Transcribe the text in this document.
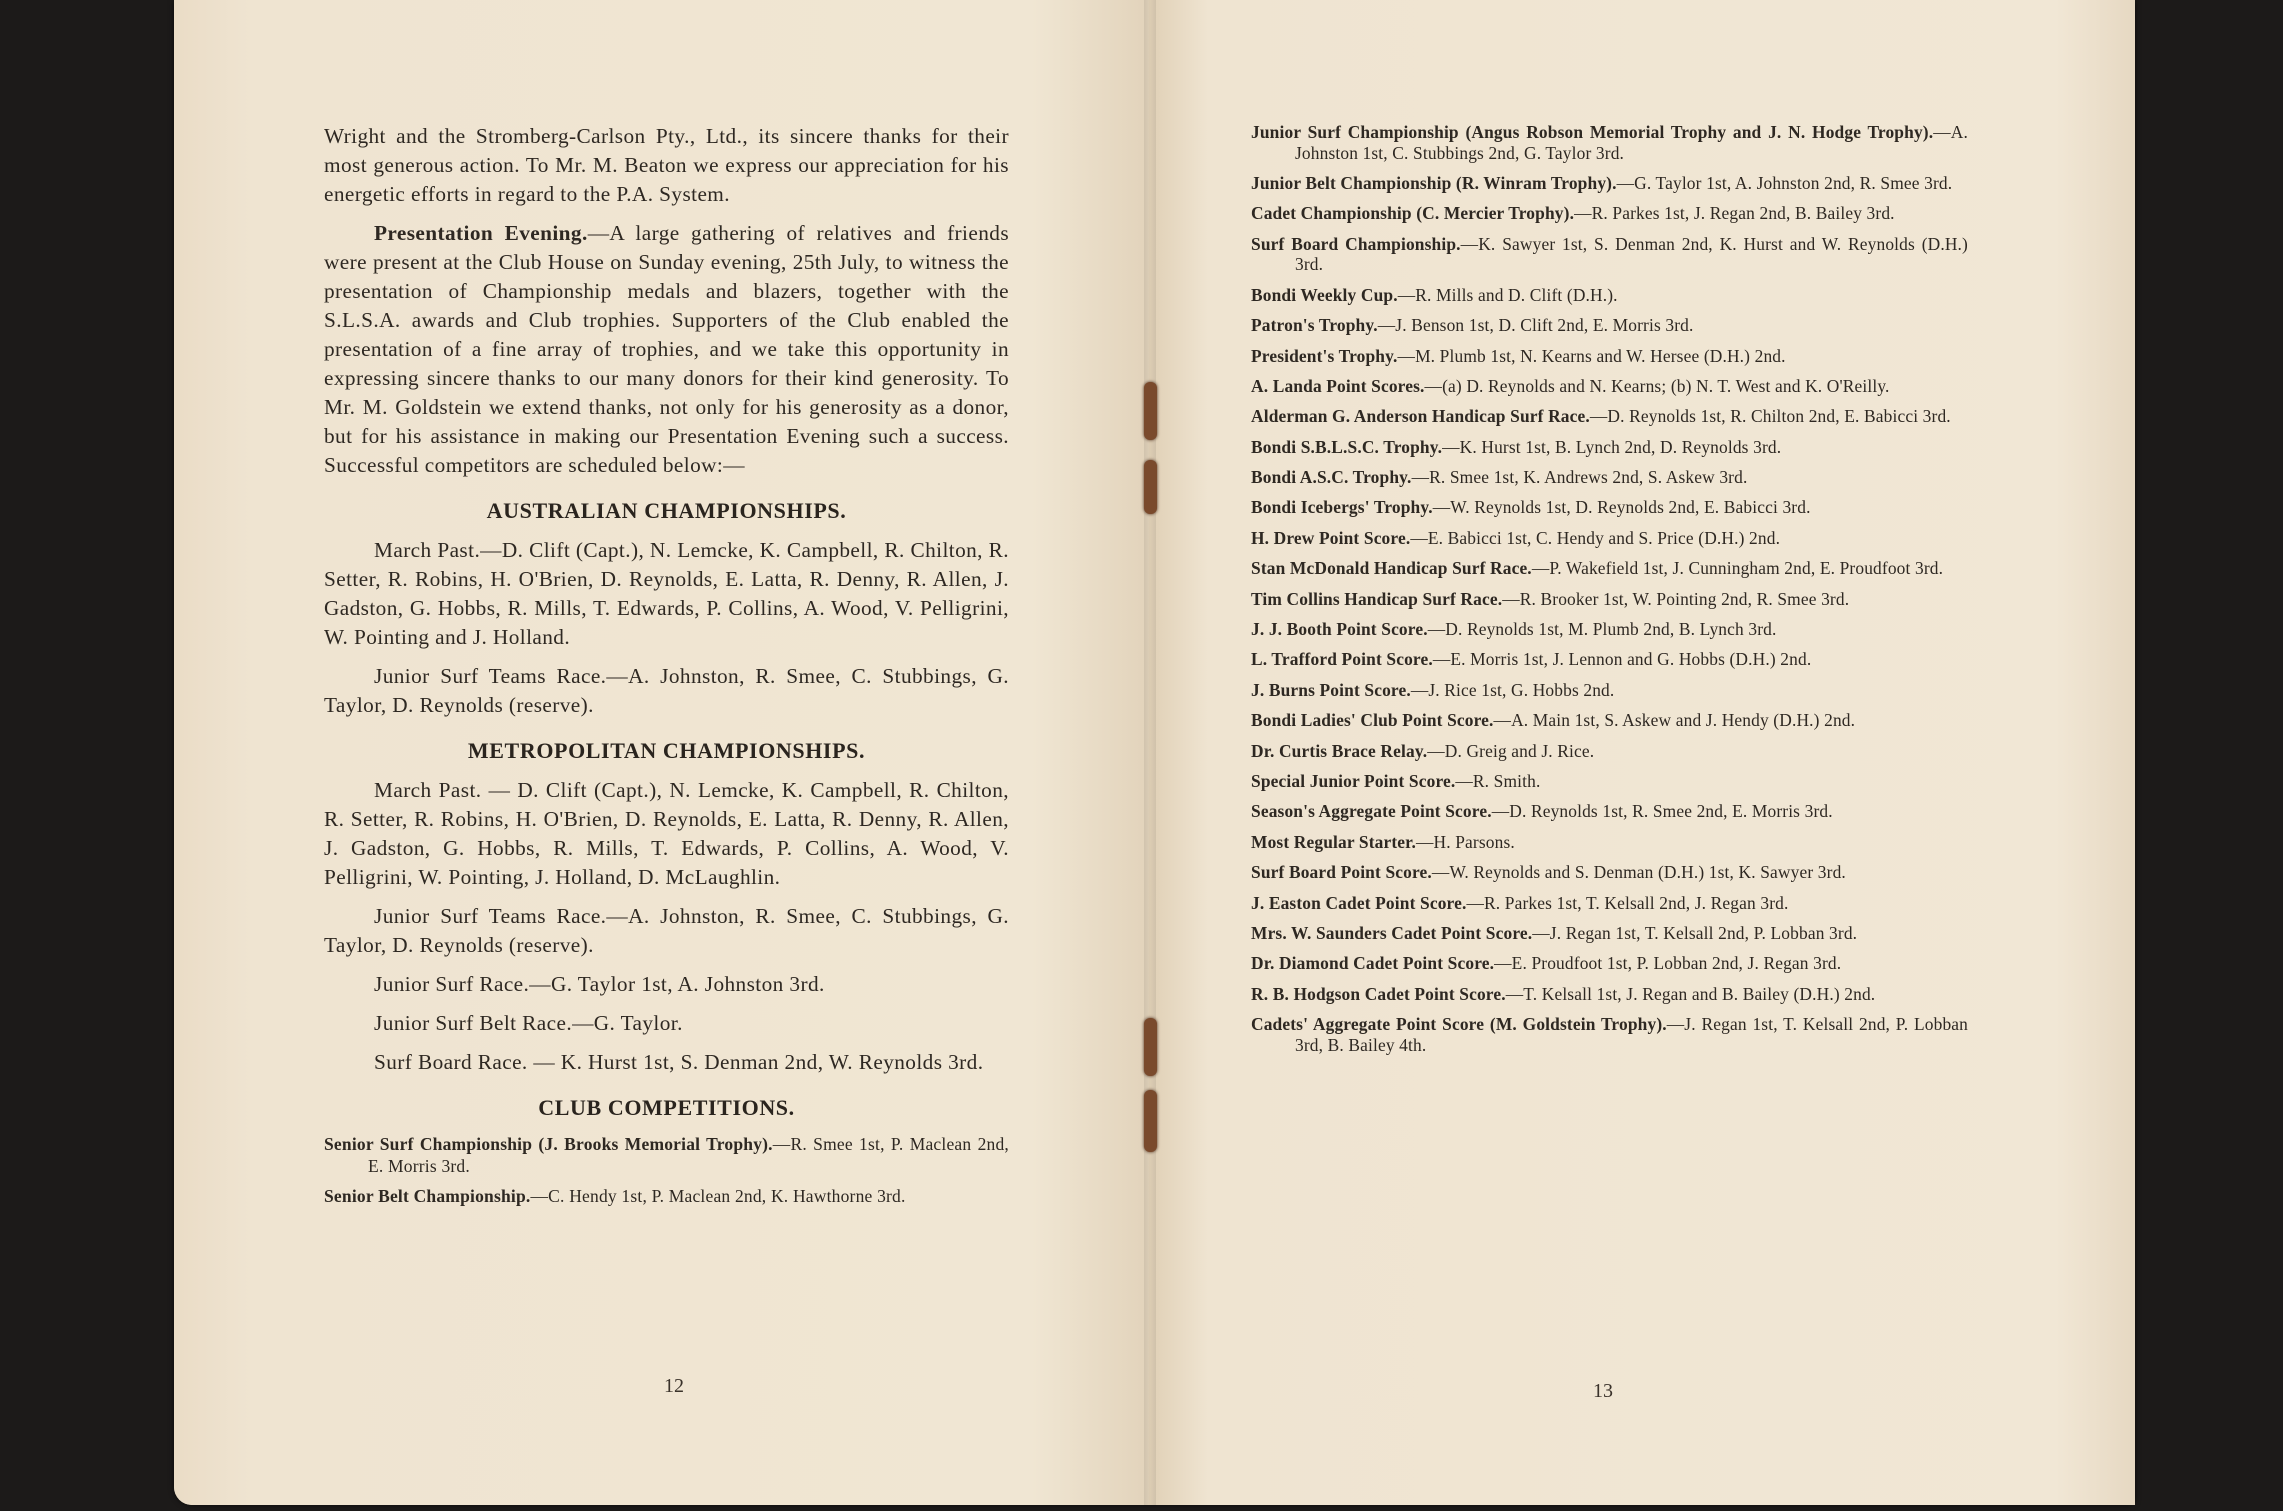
Wright and the Stromberg-Carlson Pty., Ltd., its sincere thanks for their most generous action. To Mr. M. Beaton we express our appreciation for his energetic efforts in regard to the P.A. System.

Presentation Evening.—A large gathering of relatives and friends were present at the Club House on Sunday evening, 25th July, to witness the presentation of Championship medals and blazers, together with the S.L.S.A. awards and Club trophies. Supporters of the Club enabled the presentation of a fine array of trophies, and we take this opportunity in expressing sincere thanks to our many donors for their kind generosity. To Mr. M. Goldstein we extend thanks, not only for his generosity as a donor, but for his assistance in making our Presentation Evening such a success. Successful competitors are scheduled below:—

AUSTRALIAN CHAMPIONSHIPS.

March Past.—D. Clift (Capt.), N. Lemcke, K. Campbell, R. Chilton, R. Setter, R. Robins, H. O'Brien, D. Reynolds, E. Latta, R. Denny, R. Allen, J. Gadston, G. Hobbs, R. Mills, T. Edwards, P. Collins, A. Wood, V. Pelligrini, W. Pointing and J. Holland.

Junior Surf Teams Race.—A. Johnston, R. Smee, C. Stubbings, G. Taylor, D. Reynolds (reserve).

METROPOLITAN CHAMPIONSHIPS.

March Past. — D. Clift (Capt.), N. Lemcke, K. Campbell, R. Chilton, R. Setter, R. Robins, H. O'Brien, D. Reynolds, E. Latta, R. Denny, R. Allen, J. Gadston, G. Hobbs, R. Mills, T. Edwards, P. Collins, A. Wood, V. Pelligrini, W. Pointing, J. Holland, D. McLaughlin.

Junior Surf Teams Race.—A. Johnston, R. Smee, C. Stubbings, G. Taylor, D. Reynolds (reserve).

Junior Surf Race.—G. Taylor 1st, A. Johnston 3rd.

Junior Surf Belt Race.—G. Taylor.

Surf Board Race. — K. Hurst 1st, S. Denman 2nd, W. Reynolds 3rd.

CLUB COMPETITIONS.

Senior Surf Championship (J. Brooks Memorial Trophy).—R. Smee 1st, P. Maclean 2nd, E. Morris 3rd.

Senior Belt Championship.—C. Hendy 1st, P. Maclean 2nd, K. Hawthorne 3rd.

12

Junior Surf Championship (Angus Robson Memorial Trophy and J. N. Hodge Trophy).—A. Johnston 1st, C. Stubbings 2nd, G. Taylor 3rd.

Junior Belt Championship (R. Winram Trophy).—G. Taylor 1st, A. Johnston 2nd, R. Smee 3rd.

Cadet Championship (C. Mercier Trophy).—R. Parkes 1st, J. Regan 2nd, B. Bailey 3rd.

Surf Board Championship.—K. Sawyer 1st, S. Denman 2nd, K. Hurst and W. Reynolds (D.H.) 3rd.

Bondi Weekly Cup.—R. Mills and D. Clift (D.H.).

Patron's Trophy.—J. Benson 1st, D. Clift 2nd, E. Morris 3rd.

President's Trophy.—M. Plumb 1st, N. Kearns and W. Hersee (D.H.) 2nd.

A. Landa Point Scores.—(a) D. Reynolds and N. Kearns; (b) N. T. West and K. O'Reilly.

Alderman G. Anderson Handicap Surf Race.—D. Reynolds 1st, R. Chilton 2nd, E. Babicci 3rd.

Bondi S.B.L.S.C. Trophy.—K. Hurst 1st, B. Lynch 2nd, D. Reynolds 3rd.

Bondi A.S.C. Trophy.—R. Smee 1st, K. Andrews 2nd, S. Askew 3rd.

Bondi Icebergs' Trophy.—W. Reynolds 1st, D. Reynolds 2nd, E. Babicci 3rd.

H. Drew Point Score.—E. Babicci 1st, C. Hendy and S. Price (D.H.) 2nd.

Stan McDonald Handicap Surf Race.—P. Wakefield 1st, J. Cunningham 2nd, E. Proudfoot 3rd.

Tim Collins Handicap Surf Race.—R. Brooker 1st, W. Pointing 2nd, R. Smee 3rd.

J. J. Booth Point Score.—D. Reynolds 1st, M. Plumb 2nd, B. Lynch 3rd.

L. Trafford Point Score.—E. Morris 1st, J. Lennon and G. Hobbs (D.H.) 2nd.

J. Burns Point Score.—J. Rice 1st, G. Hobbs 2nd.

Bondi Ladies' Club Point Score.—A. Main 1st, S. Askew and J. Hendy (D.H.) 2nd.

Dr. Curtis Brace Relay.—D. Greig and J. Rice.

Special Junior Point Score.—R. Smith.

Season's Aggregate Point Score.—D. Reynolds 1st, R. Smee 2nd, E. Morris 3rd.

Most Regular Starter.—H. Parsons.

Surf Board Point Score.—W. Reynolds and S. Denman (D.H.) 1st, K. Sawyer 3rd.

J. Easton Cadet Point Score.—R. Parkes 1st, T. Kelsall 2nd, J. Regan 3rd.

Mrs. W. Saunders Cadet Point Score.—J. Regan 1st, T. Kelsall 2nd, P. Lobban 3rd.

Dr. Diamond Cadet Point Score.—E. Proudfoot 1st, P. Lobban 2nd, J. Regan 3rd.

R. B. Hodgson Cadet Point Score.—T. Kelsall 1st, J. Regan and B. Bailey (D.H.) 2nd.

Cadets' Aggregate Point Score (M. Goldstein Trophy).—J. Regan 1st, T. Kelsall 2nd, P. Lobban 3rd, B. Bailey 4th.

13
